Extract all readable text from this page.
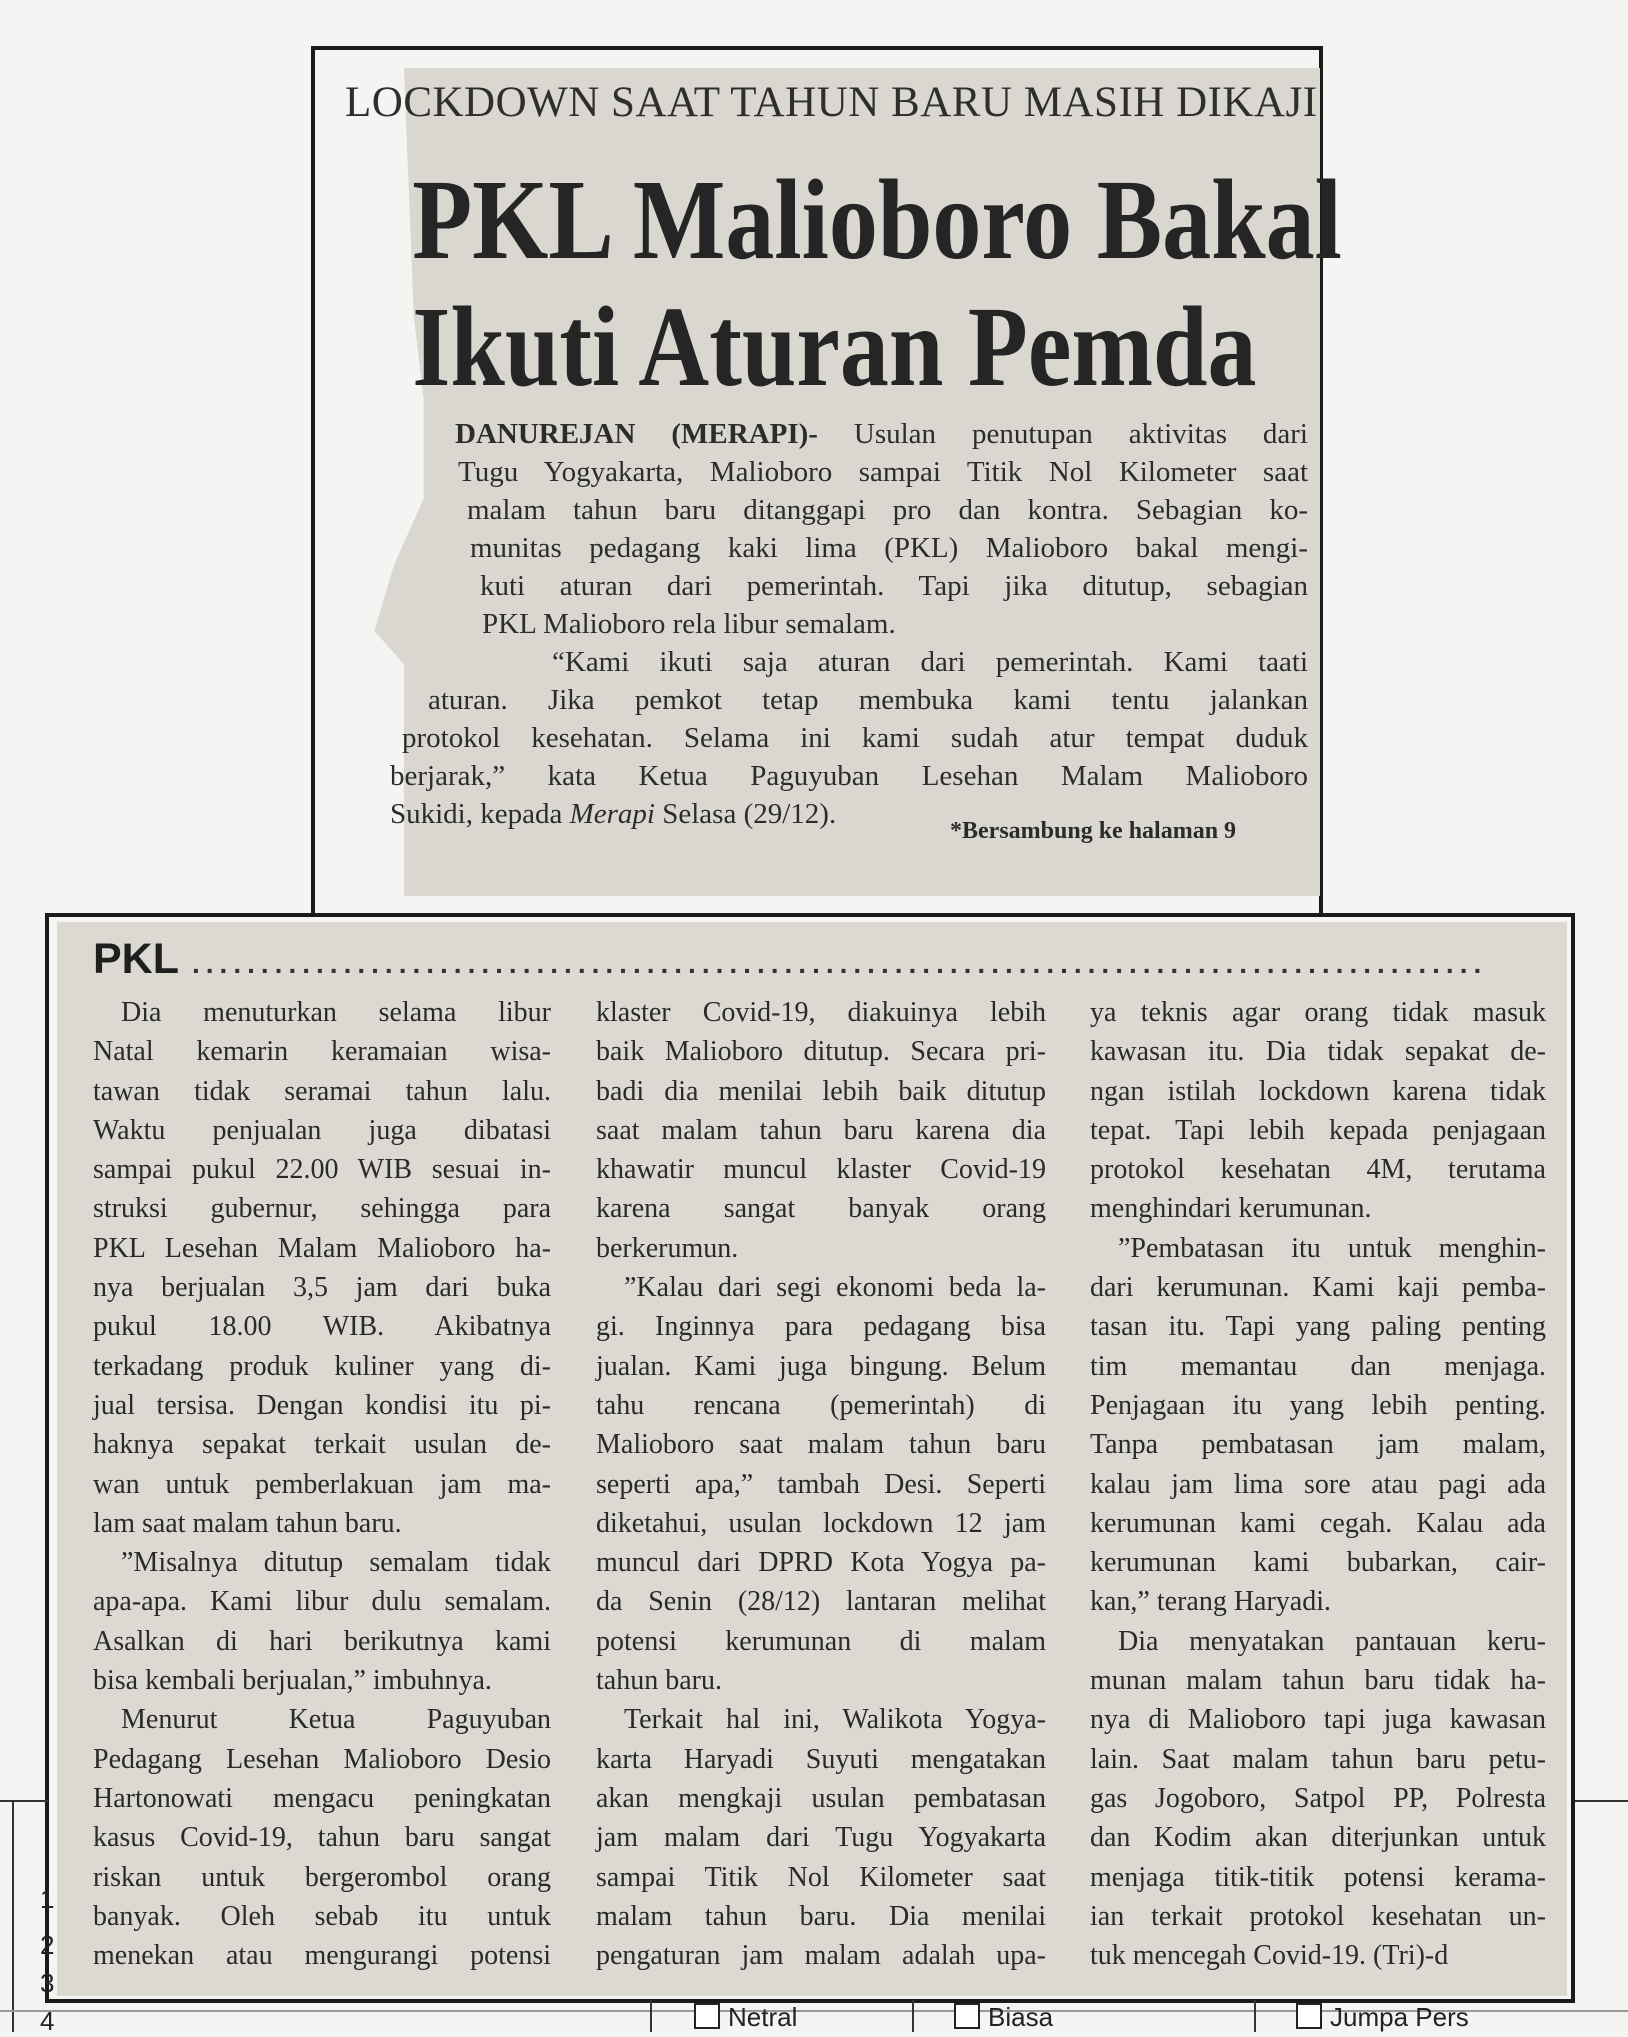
LOCKDOWN SAAT TAHUN BARU MASIH DIKAJI
PKL Malioboro Bakal
Ikuti Aturan Pemda
DANUREJAN (MERAPI)- Usulan penutupan aktivitas dari
Tugu Yogyakarta, Malioboro sampai Titik Nol Kilometer saat
malam tahun baru ditanggapi pro dan kontra. Sebagian ko-
munitas pedagang kaki lima (PKL) Malioboro bakal mengi-
kuti aturan dari pemerintah. Tapi jika ditutup, sebagian
PKL Malioboro rela libur semalam.
“Kami ikuti saja aturan dari pemerintah. Kami taati
aturan. Jika pemkot tetap membuka kami tentu jalankan
protokol kesehatan. Selama ini kami sudah atur tempat duduk
berjarak,” kata Ketua Paguyuban Lesehan Malam Malioboro
Sukidi, kepada Merapi Selasa (29/12).
*Bersambung ke halaman 9
PKL ..............................................................................................
Dia menuturkan selama libur
Natal kemarin keramaian wisa-
tawan tidak seramai tahun lalu.
Waktu penjualan juga dibatasi
sampai pukul 22.00 WIB sesuai in-
struksi gubernur, sehingga para
PKL Lesehan Malam Malioboro ha-
nya berjualan 3,5 jam dari buka
pukul 18.00 WIB. Akibatnya
terkadang produk kuliner yang di-
jual tersisa. Dengan kondisi itu pi-
haknya sepakat terkait usulan de-
wan untuk pemberlakuan jam ma-
lam saat malam tahun baru.
”Misalnya ditutup semalam tidak
apa-apa. Kami libur dulu semalam.
Asalkan di hari berikutnya kami
bisa kembali berjualan,” imbuhnya.
Menurut Ketua Paguyuban
Pedagang Lesehan Malioboro Desio
Hartonowati mengacu peningkatan
kasus Covid-19, tahun baru sangat
riskan untuk bergerombol orang
banyak. Oleh sebab itu untuk
menekan atau mengurangi potensi
klaster Covid-19, diakuinya lebih
baik Malioboro ditutup. Secara pri-
badi dia menilai lebih baik ditutup
saat malam tahun baru karena dia
khawatir muncul klaster Covid-19
karena sangat banyak orang
berkerumun.
”Kalau dari segi ekonomi beda la-
gi. Inginnya para pedagang bisa
jualan. Kami juga bingung. Belum
tahu rencana (pemerintah) di
Malioboro saat malam tahun baru
seperti apa,” tambah Desi. Seperti
diketahui, usulan lockdown 12 jam
muncul dari DPRD Kota Yogya pa-
da Senin (28/12) lantaran melihat
potensi kerumunan di malam
tahun baru.
Terkait hal ini, Walikota Yogya-
karta Haryadi Suyuti mengatakan
akan mengkaji usulan pembatasan
jam malam dari Tugu Yogyakarta
sampai Titik Nol Kilometer saat
malam tahun baru. Dia menilai
pengaturan jam malam adalah upa-
ya teknis agar orang tidak masuk
kawasan itu. Dia tidak sepakat de-
ngan istilah lockdown karena tidak
tepat. Tapi lebih kepada penjagaan
protokol kesehatan 4M, terutama
menghindari kerumunan.
”Pembatasan itu untuk menghin-
dari kerumunan. Kami kaji pemba-
tasan itu. Tapi yang paling penting
tim memantau dan menjaga.
Penjagaan itu yang lebih penting.
Tanpa pembatasan jam malam,
kalau jam lima sore atau pagi ada
kerumunan kami cegah. Kalau ada
kerumunan kami bubarkan, cair-
kan,” terang Haryadi.
Dia menyatakan pantauan keru-
munan malam tahun baru tidak ha-
nya di Malioboro tapi juga kawasan
lain. Saat malam tahun baru petu-
gas Jogoboro, Satpol PP, Polresta
dan Kodim akan diterjunkan untuk
menjaga titik-titik potensi kerama-
ian terkait protokol kesehatan un-
tuk mencegah Covid-19. (Tri)-d
1
2
3
4	Netral	Biasa	Jumpa Pers
